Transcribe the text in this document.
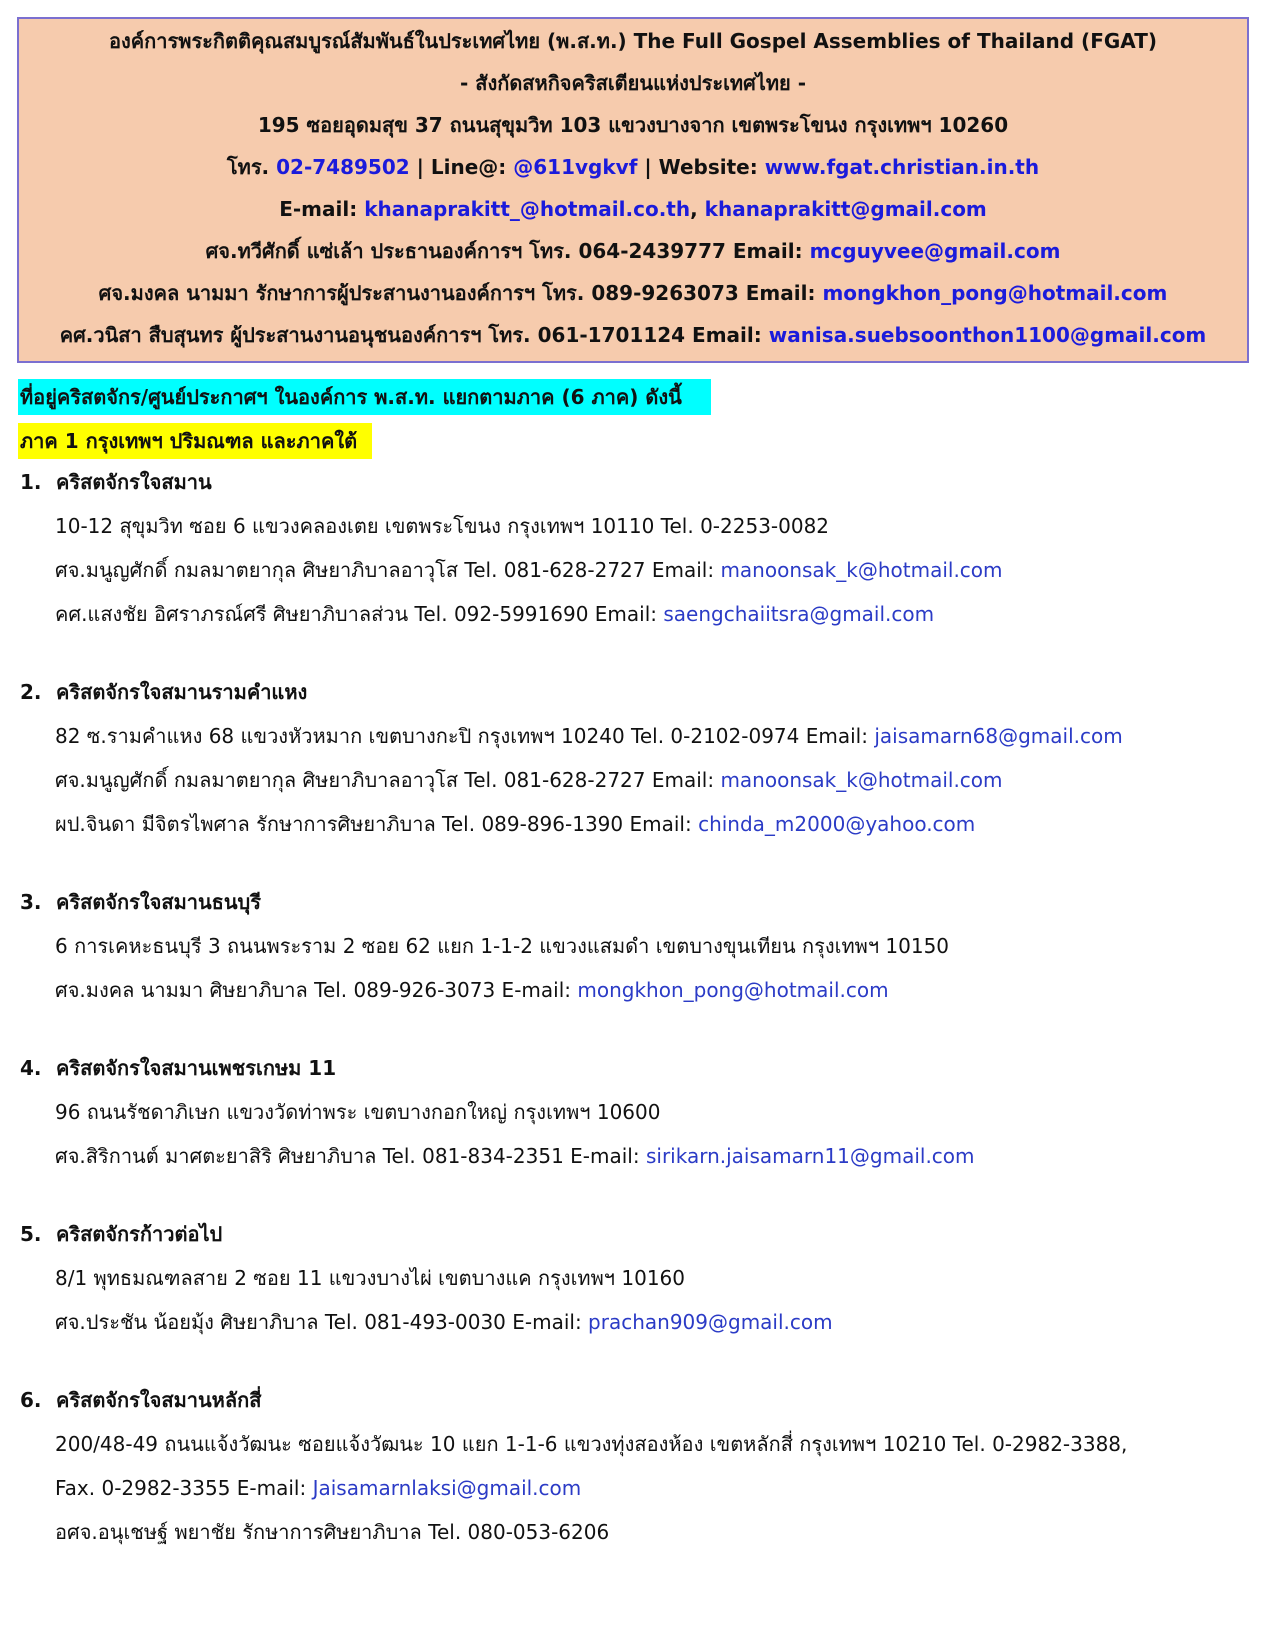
องค์การพระกิตติคุณสมบูรณ์สัมพันธ์ในประเทศไทย (พ.ส.ท.) The Full Gospel Assemblies of Thailand (FGAT)
- สังกัดสหกิจคริสเตียนแห่งประเทศไทย -
195 ซอยอุดมสุข 37 ถนนสุขุมวิท 103 แขวงบางจาก เขตพระโขนง กรุงเทพฯ 10260
โทร. 02-7489502 | Line@: @611vgkvf | Website: www.fgat.christian.in.th
E-mail: khanaprakitt_@hotmail.co.th, khanaprakitt@gmail.com
ศจ.ทวีศักดิ์ แซ่เล้า ประธานองค์การฯ โทร. 064-2439777 Email: mcguyvee@gmail.com
ศจ.มงคล นามมา รักษาการผู้ประสานงานองค์การฯ โทร. 089-9263073 Email: mongkhon_pong@hotmail.com
คศ.วนิสา สืบสุนทร ผู้ประสานงานอนุชนองค์การฯ โทร. 061-1701124 Email: wanisa.suebsoonthon1100@gmail.com
ที่อยู่คริสตจักร/ศูนย์ประกาศฯ ในองค์การ พ.ส.ท. แยกตามภาค (6 ภาค) ดังนี้
ภาค 1 กรุงเทพฯ ปริมณฑล และภาคใต้
1. คริสตจักรใจสมาน
10-12 สุขุมวิท ซอย 6 แขวงคลองเตย เขตพระโขนง กรุงเทพฯ 10110 Tel. 0-2253-0082
ศจ.มนูญศักดิ์ กมลมาตยากุล ศิษยาภิบาลอาวุโส Tel. 081-628-2727 Email: manoonsak_k@hotmail.com
คศ.แสงชัย อิศราภรณ์ศรี ศิษยาภิบาลส่วน Tel. 092-5991690 Email: saengchaiitsra@gmail.com
2. คริสตจักรใจสมานรามคำแหง
82 ซ.รามคำแหง 68 แขวงหัวหมาก เขตบางกะปิ กรุงเทพฯ 10240 Tel. 0-2102-0974 Email: jaisamarn68@gmail.com
ศจ.มนูญศักดิ์ กมลมาตยากุล ศิษยาภิบาลอาวุโส Tel. 081-628-2727 Email: manoonsak_k@hotmail.com
ผป.จินดา มีจิตรไพศาล รักษาการศิษยาภิบาล Tel. 089-896-1390 Email: chinda_m2000@yahoo.com
3. คริสตจักรใจสมานธนบุรี
6 การเคหะธนบุรี 3 ถนนพระราม 2 ซอย 62 แยก 1-1-2 แขวงแสมดำ เขตบางขุนเทียน กรุงเทพฯ 10150
ศจ.มงคล นามมา ศิษยาภิบาล Tel. 089-926-3073 E-mail: mongkhon_pong@hotmail.com
4. คริสตจักรใจสมานเพชรเกษม 11
96 ถนนรัชดาภิเษก แขวงวัดท่าพระ เขตบางกอกใหญ่ กรุงเทพฯ 10600
ศจ.สิริกานต์ มาศตะยาสิริ ศิษยาภิบาล Tel. 081-834-2351 E-mail: sirikarn.jaisamarn11@gmail.com
5. คริสตจักรก้าวต่อไป
8/1 พุทธมณฑลสาย 2 ซอย 11 แขวงบางไผ่ เขตบางแค กรุงเทพฯ 10160
ศจ.ประชัน น้อยมุ้ง ศิษยาภิบาล Tel. 081-493-0030 E-mail: prachan909@gmail.com
6. คริสตจักรใจสมานหลักสี่
200/48-49 ถนนแจ้งวัฒนะ ซอยแจ้งวัฒนะ 10 แยก 1-1-6 แขวงทุ่งสองห้อง เขตหลักสี่ กรุงเทพฯ 10210 Tel. 0-2982-3388,
Fax. 0-2982-3355 E-mail: Jaisamarnlaksi@gmail.com
อศจ.อนุเชษฐ์ พยาชัย รักษาการศิษยาภิบาล Tel. 080-053-6206
